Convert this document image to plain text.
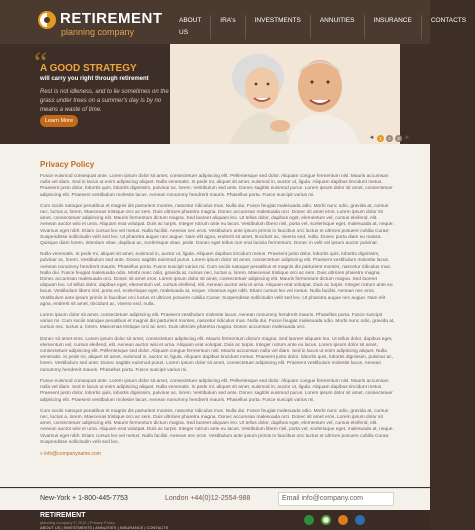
RETIREMENT
planning company
ABOUT US
IRA's	INVESTMENTS	ANNUITIES	INSURANCE	CONTACTS
“
A GOOD STRATEGY
will carry you right through retirement
Rest is not idleness, and to lie sometimes on the grass under trees on a summer's day is by no means a waste of time.
Learn More
◄	1	2	3 ►
Privacy Policy

Fusce euismod consequat ante. Lorem ipsum dolor sit amet, consectetuer adipiscing elit. Pellentesque sed dolor. Aliquam congue fermentum nisl. Mauris accumsan nulla vel diam. Sed in lacus ut enim adipiscing aliquet. Nulla venenatis. In pede mi, aliquet sit amet, euismod in, auctor ut, ligula. Aliquam dapibus tincidunt metus. Praesent justo dolor, lobortis quis, lobortis dignissim, pulvinar ac, lorem. Vestibulum sed ante. Donec sagittis euismod purus. Lorem ipsum dolor sit amet, consectetuer adipiscing elit. Praesent vestibulum molestie lacus. Aenean nonummy hendrerit mauris. Phasellus porta. Fusce suscipit varius mi.

Cum sociis natoque penatibus et magnis dis parturient montes, nascetur ridiculus mus. Nulla dui. Fusce feugiat malesuada odio. Morbi nunc odio, gravida at, cursus nec, luctus a, lorem. Maecenas tristique orci ac sem. Duis ultricies pharetra magna. Donec accumsan malesuada orci. Donec sit amet eros. Lorem ipsum dolor sit amet, consectetuer adipiscing elit. Mauris fermentum dictum magna. Sed laoreet aliquam leo. Ut tellus dolor, dapibus eget, elementum vel, cursus eleifend, elit. Aenean auctor wisi et urna. Aliquam erat volutpat. Duis ac turpis. Integer rutrum ante eu lacus. Vestibulum libero nisl, porta vel, scelerisque eget, malesuada at, neque. Vivamus eget nibh. Etiam cursus leo vel metus. Nulla facilisi. Aenean nec eros. Vestibulum ante ipsum primis in faucibus orci luctus et ultrices posuere cubilia Curae; Suspendisse sollicitudin velit sed leo. Ut pharetra augue nec augue. Nam elit agna, endrerit sit amet, tincidunt ac, viverra sed, nulla. Donec porta diam eu massa. Quisque diam lorem, interdum vitae, dapibus ac, scelerisque vitae, pede. Donec eget tellus non erat lacinia fermentum. Donec in velit vel ipsum auctor pulvinar.

Nulla venenatis. In pede mi, aliquet sit amet, euismod in, auctor ut, ligula. Aliquam dapibus tincidunt metus. Praesent justo dolor, lobortis quis, lobortis dignissim, pulvinar ac, lorem. Vestibulum sed ante. Donec sagittis euismod purus. Lorem ipsum dolor sit amet, consectetuer adipiscing elit. Praesent vestibulum molestie lacus. Aenean nonummy hendrerit mauris. Phasellus porta. Fusce suscipit varius mi. Cum sociis natoque penatibus et magnis dis parturient montes, nascetur ridiculus mus. Nulla dui. Fusce feugiat malesuada odio. Morbi nunc odio, gravida at, cursus nec, luctus a, lorem. Maecenas tristique orci ac sem. Duis ultricies pharetra magna. Donec accumsan malesuada orci. Donec sit amet eros. Lorem ipsum dolor sit amet, consectetuer adipiscing elit. Mauris fermentum dictum magna. Sed laoreet aliquam leo. Ut tellus dolor, dapibus eget, elementum vel, cursus eleifend, elit. Aenean auctor wisi et urna. Aliquam erat volutpat. Duis ac turpis. Integer rutrum ante eu lacus. Vestibulum libero nisl, porta vel, scelerisque eget, malesuada at, neque. Vivamus eget nibh. Etiam cursus leo vel metus. Nulla facilisi. Aenean nec eros. Vestibulum ante ipsum primis in faucibus orci luctus et ultrices posuere cubilia Curae; Suspendisse sollicitudin velit sed leo. Ut pharetra augue nec augue. Nam elit agna, endrerit sit amet, tincidunt ac, viverra sed, nulla.

Lorem ipsum dolor sit amet, consectetuer adipiscing elit. Praesent vestibulum molestie lacus. Aenean nonummy hendrerit mauris. Phasellus porta. Fusce suscipit varius mi. Cum sociis natoque penatibus et magnis dis parturient montes, nascetur ridiculus mus. Nulla dui. Fusce feugiat malesuada odio. Morbi nunc odio, gravida at, cursus nec, luctus a, lorem. Maecenas tristique orci ac sem. Duis ultricies pharetra magna. Donec accumsan malesuada orci.

Donec sit amet eros. Lorem ipsum dolor sit amet, consectetuer adipiscing elit. Mauris fermentum dictum magna. Sed laoreet aliquam leo. Ut tellus dolor, dapibus eget, elementum vel, cursus eleifend, elit. Aenean auctor wisi et urna. Aliquam erat volutpat. Duis ac turpis. Integer rutrum ante eu lacus. Lorem ipsum dolor sit amet, consectetuer adipiscing elit. Pellentesque sed dolor. Aliquam congue fermentum nisl. Mauris accumsan nulla vel diam. Sed in lacus ut enim adipiscing aliquet. Nulla venenatis. In pede mi, aliquet sit amet, euismod in, auctor ut, ligula. Aliquam dapibus tincidunt metus. Praesent justo dolor, lobortis quis, lobortis dignissim, pulvinar ac, lorem. Vestibulum sed ante. Donec sagittis euismod purus. Lorem ipsum dolor sit amet, consectetuer adipiscing elit. Praesent vestibulum molestie lacus. Aenean nonummy hendrerit mauris. Phasellus porta. Fusce suscipit varius mi.

Fusce euismod consequat ante. Lorem ipsum dolor sit amet, consectetuer adipiscing elit. Pellentesque sed dolor. Aliquam congue fermentum nisl. Mauris accumsan nulla vel diam. Sed in lacus ut enim adipiscing aliquet. Nulla venenatis. In pede mi, aliquet sit amet, euismod in, auctor ut, ligula. Aliquam dapibus tincidunt metus. Praesent justo dolor, lobortis quis, lobortis dignissim, pulvinar ac, lorem. Vestibulum sed ante. Donec sagittis euismod purus. Lorem ipsum dolor sit amet, consectetuer adipiscing elit. Praesent vestibulum molestie lacus. Aenean nonummy hendrerit mauris. Phasellus porta. Fusce suscipit varius mi.

Cum sociis natoque penatibus et magnis dis parturient montes, nascetur ridiculus mus. Nulla dui. Fusce feugiat malesuada odio. Morbi nunc odio, gravida at, cursus nec, luctus a, lorem. Maecenas tristique orci ac sem. Duis ultricies pharetra magna. Donec accumsan malesuada orci. Donec sit amet eros. Lorem ipsum dolor sit amet, consectetuer adipiscing elit. Mauris fermentum dictum magna. Sed laoreet aliquam leo. Ut tellus dolor, dapibus eget, elementum vel, cursus eleifend, elit. Aenean auctor wisi et urna. Aliquam erat volutpat. Duis ac turpis. Integer rutrum ante eu lacus. Vestibulum libero nisl, porta vel, scelerisque eget, malesuada at, neque. Vivamus eget nibh. Etiam cursus leo vel metus. Nulla facilisi. Aenean nec eros. Vestibulum ante ipsum primis in faucibus orci luctus et ultrices posuere cubilia Curae; Suspendisse sollicitudin velit sed leo.

» info@companyname.com

New-York + 1-800-445-7753	London +44(0)12-2554-988	Email info@company.com
RETIREMENT
planning company © 2010 | Privacy Policy
ABOUT US | INVESTMENTS | ANNUITIES | INSURANCE | CONTACTS
